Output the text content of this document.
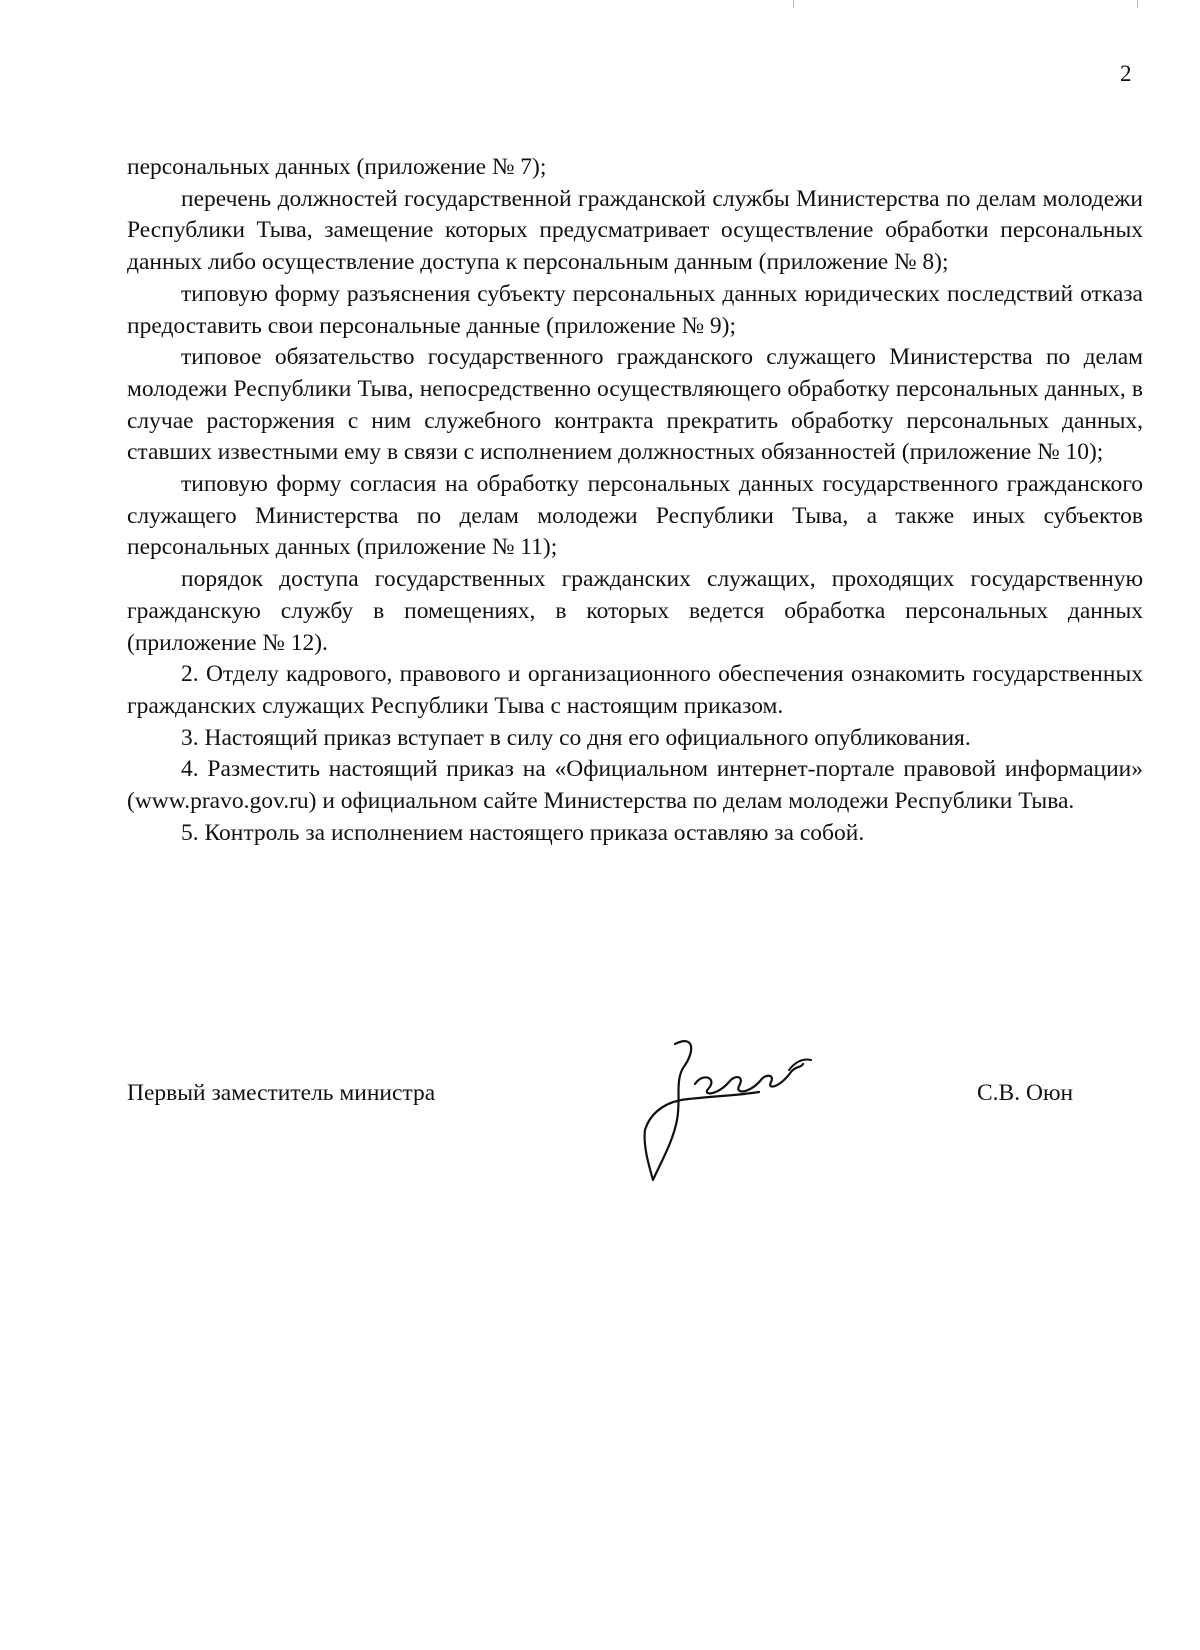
2

персональных данных (приложение № 7);

перечень должностей государственной гражданской службы Министерства по делам молодежи Республики Тыва, замещение которых предусматривает осуществление обработки персональных данных либо осуществление доступа к персональным данным (приложение № 8);

типовую форму разъяснения субъекту персональных данных юридических последствий отказа предоставить свои персональные данные (приложение № 9);

типовое обязательство государственного гражданского служащего Министерства по делам молодежи Республики Тыва, непосредственно осуществляющего обработку персональных данных, в случае расторжения с ним служебного контракта прекратить обработку персональных данных, ставших известными ему в связи с исполнением должностных обязанностей (приложение № 10);

типовую форму согласия на обработку персональных данных государственного гражданского служащего Министерства по делам молодежи Республики Тыва, а также иных субъектов персональных данных (приложение № 11);

порядок доступа государственных гражданских служащих, проходящих государственную гражданскую службу в помещениях, в которых ведется обработка персональных данных (приложение № 12).

2. Отделу кадрового, правового и организационного обеспечения ознакомить государственных гражданских служащих Республики Тыва с настоящим приказом.

3. Настоящий приказ вступает в силу со дня его официального опубликования.

4. Разместить настоящий приказ на «Официальном интернет-портале правовой информации» (www.pravo.gov.ru) и официальном сайте Министерства по делам молодежи Республики Тыва.

5. Контроль за исполнением настоящего приказа оставляю за собой.

Первый заместитель министра	С.В. Оюн
